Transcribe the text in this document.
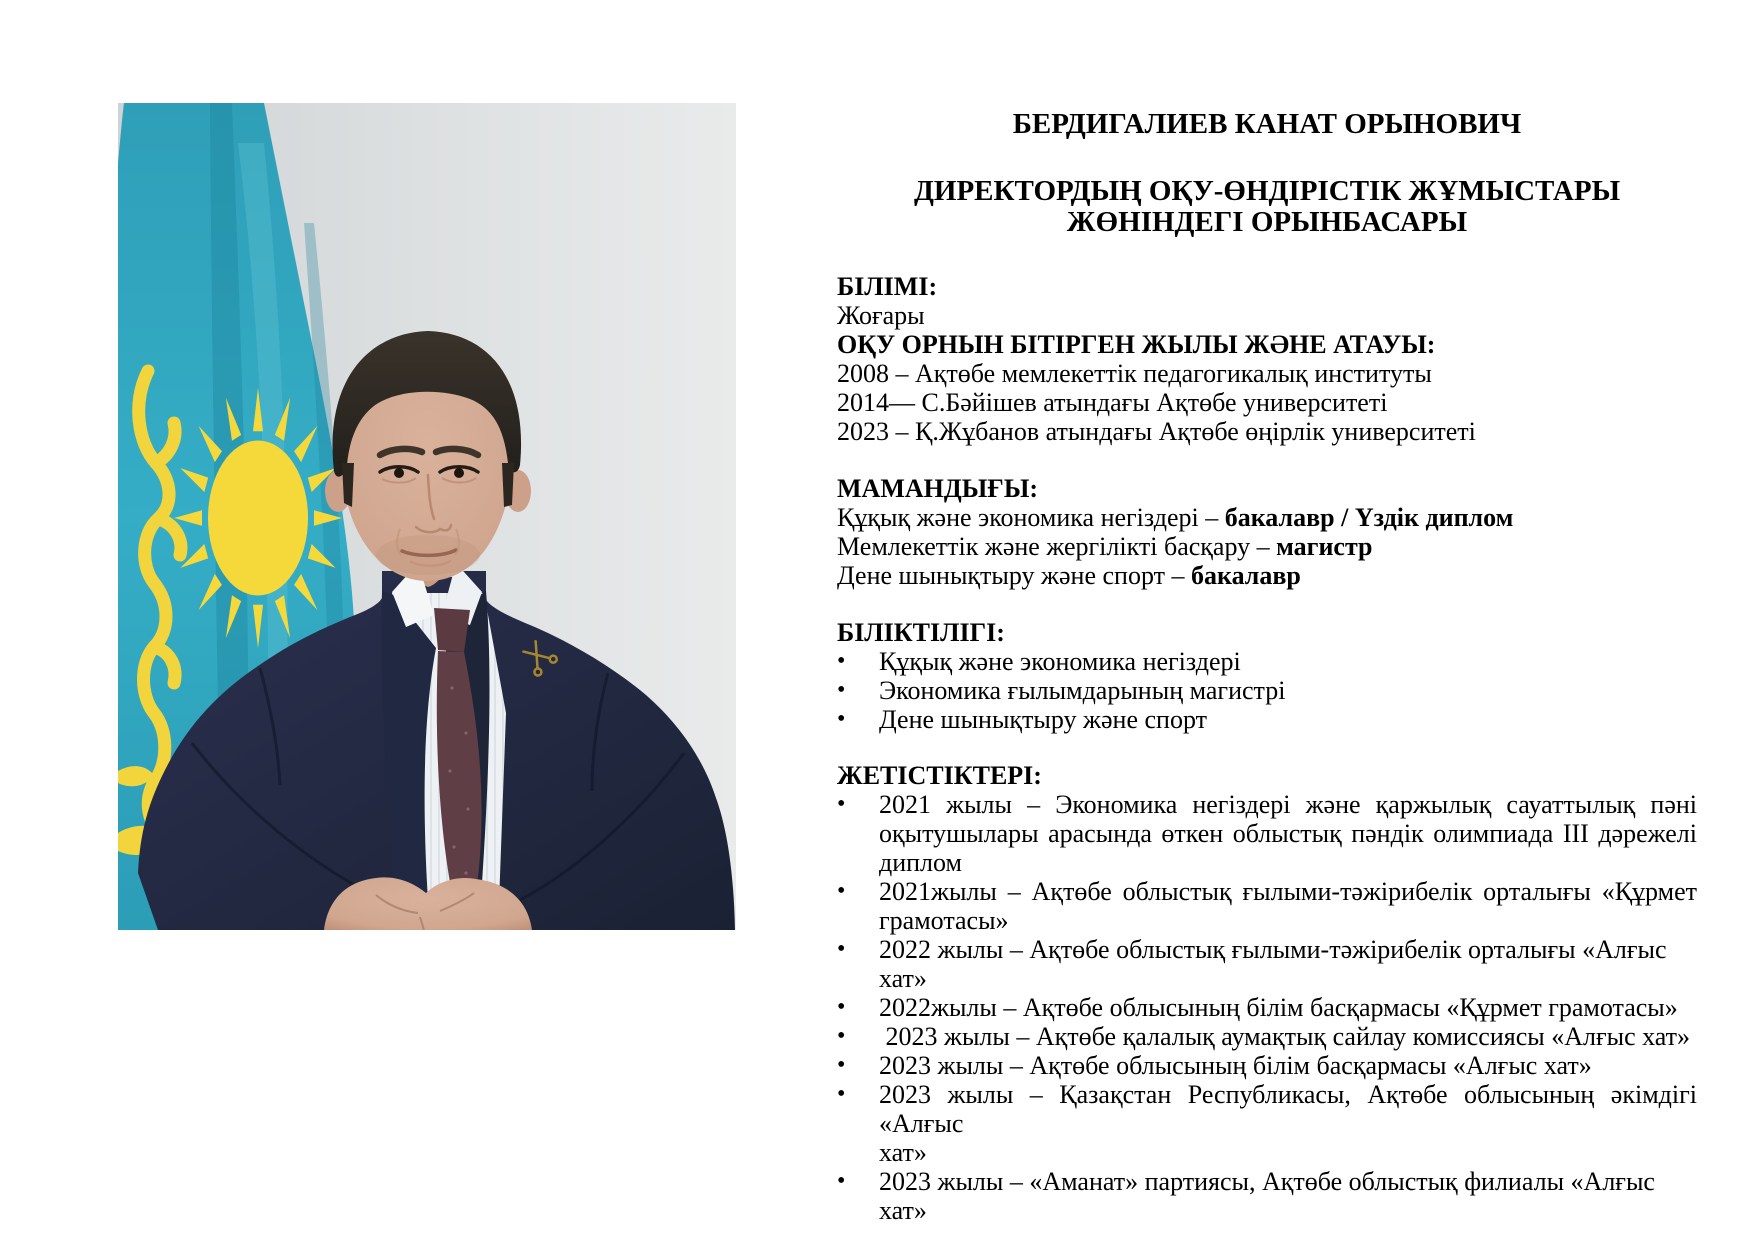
БЕРДИГАЛИЕВ КАНАТ ОРЫНОВИЧ
ДИРЕКТОРДЫҢ ОҚУ-ӨНДІРІСТІК ЖҰМЫСТАРЫ
ЖӨНІНДЕГІ ОРЫНБАСАРЫ
БІЛІМІ:
Жоғары
ОҚУ ОРНЫН БІТІРГЕН ЖЫЛЫ ЖӘНЕ АТАУЫ:
2008 – Ақтөбе мемлекеттік педагогикалық институты
2014— С.Бәйішев атындағы Ақтөбе университеті
2023 – Қ.Жұбанов атындағы Ақтөбе өңірлік университеті
МАМАНДЫҒЫ:
Құқық және экономика негіздері – бакалавр / Үздік диплом
Мемлекеттік және жергілікті басқару – магистр
Дене шынықтыру және спорт – бакалавр
БІЛІКТІЛІГІ:
•	Құқық және экономика негіздері
•	Экономика ғылымдарының магистрі
•	Дене шынықтыру және спорт
ЖЕТІСТІКТЕРІ:
•	2021 жылы – Экономика негіздері және қаржылық сауаттылық пәні
оқытушылары арасында өткен облыстық пәндік олимпиада III дәрежелі
диплом
•	2021жылы – Ақтөбе облыстық ғылыми-тәжірибелік орталығы «Құрмет
грамотасы»
•	2022 жылы – Ақтөбе облыстық ғылыми-тәжірибелік орталығы «Алғыс хат»
•	2022жылы – Ақтөбе облысының білім басқармасы «Құрмет грамотасы»
•	2023 жылы – Ақтөбе қалалық аумақтық сайлау комиссиясы «Алғыс хат»
•	2023 жылы – Ақтөбе облысының білім басқармасы «Алғыс хат»
•	2023 жылы – Қазақстан Республикасы, Ақтөбе облысының әкімдігі «Алғыс
хат»
•	2023 жылы – «Аманат» партиясы, Ақтөбе облыстық филиалы «Алғыс хат»
